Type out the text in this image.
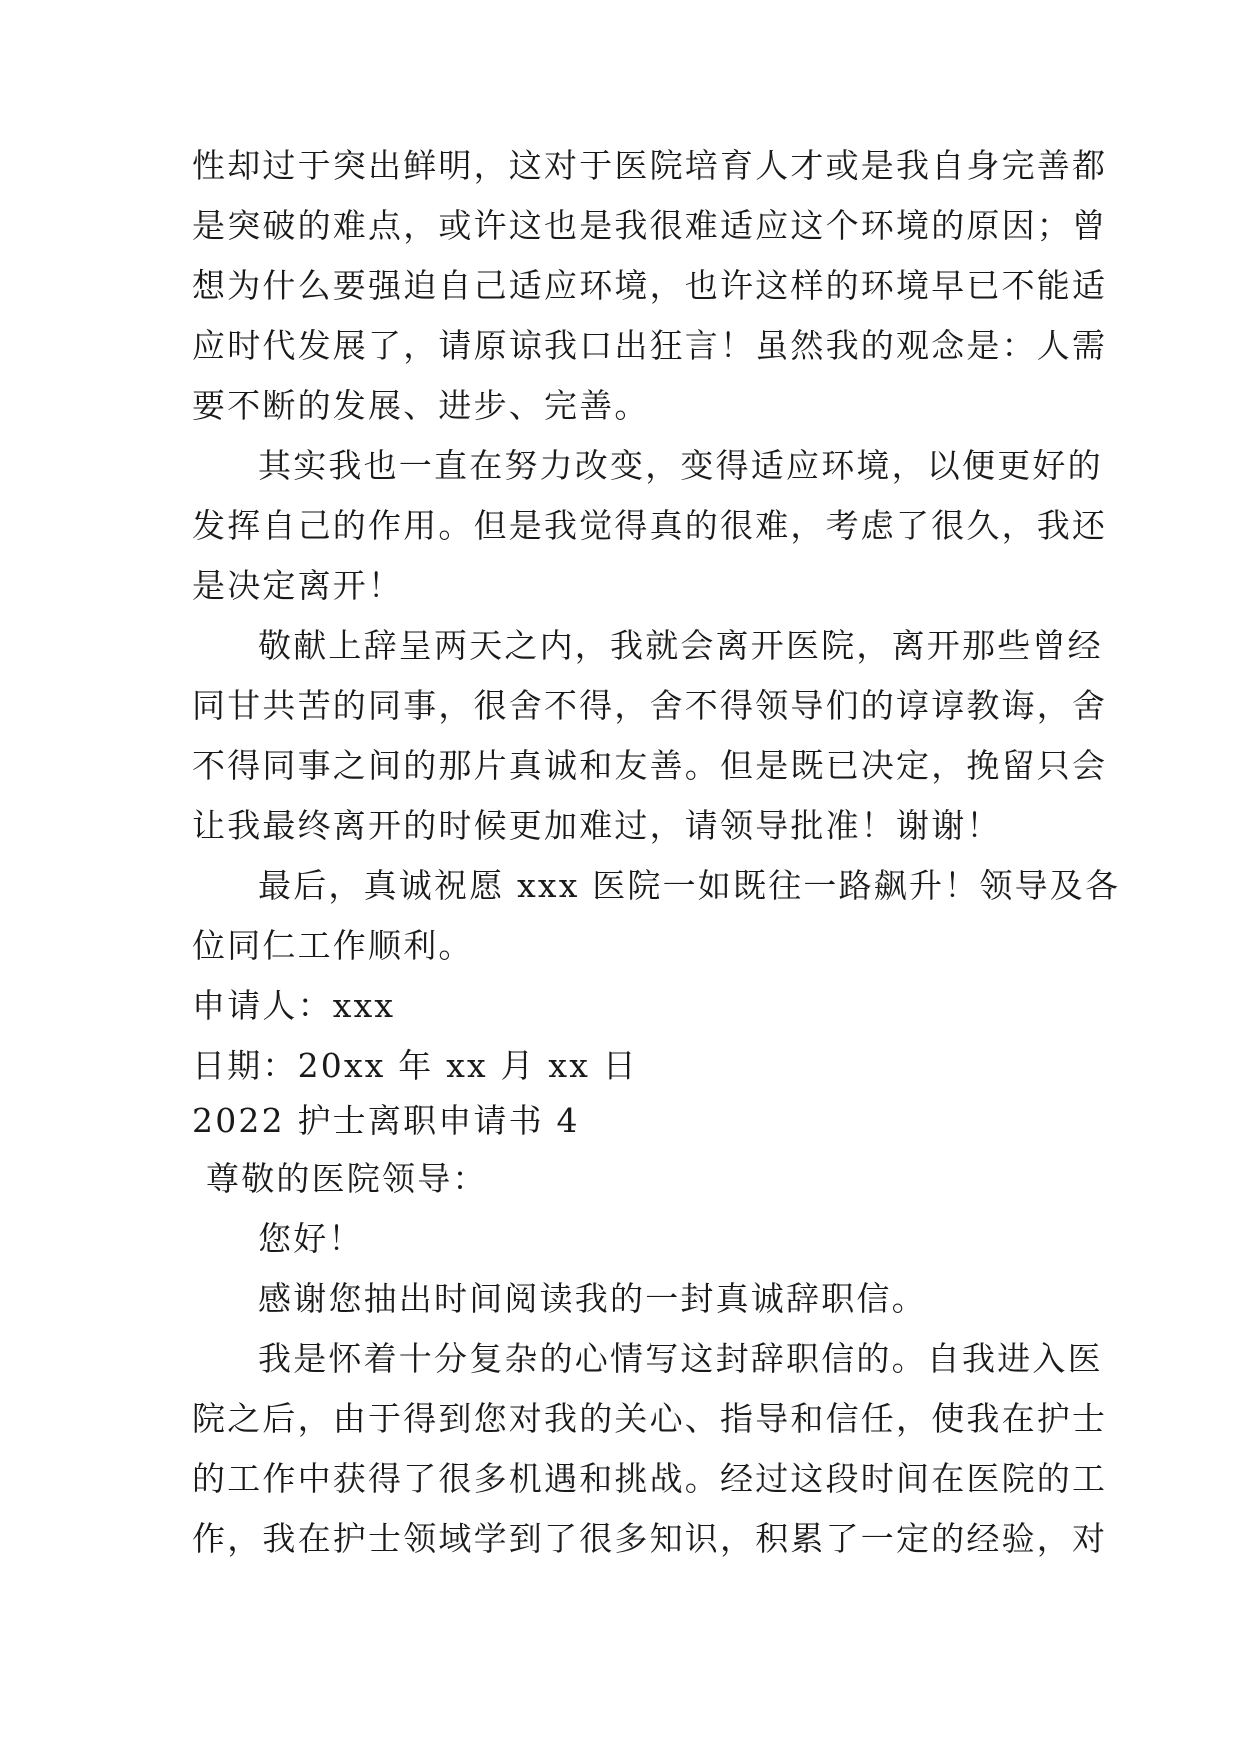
性却过于突出鲜明，这对于医院培育人才或是我自身完善都
是突破的难点，或许这也是我很难适应这个环境的原因；曾
想为什么要强迫自己适应环境，也许这样的环境早已不能适
应时代发展了，请原谅我口出狂言！虽然我的观念是：人需
要不断的发展、进步、完善。
其实我也一直在努力改变，变得适应环境，以便更好的
发挥自己的作用。但是我觉得真的很难，考虑了很久，我还
是决定离开！
敬献上辞呈两天之内，我就会离开医院，离开那些曾经
同甘共苦的同事，很舍不得，舍不得领导们的谆谆教诲，舍
不得同事之间的那片真诚和友善。但是既已决定，挽留只会
让我最终离开的时候更加难过，请领导批准！谢谢！
最后，真诚祝愿 xxx 医院一如既往一路飙升！领导及各
位同仁工作顺利。
申请人：xxx
日期：20xx 年 xx 月 xx 日
2022 护士离职申请书 4
尊敬的医院领导：
您好！
感谢您抽出时间阅读我的一封真诚辞职信。
我是怀着十分复杂的心情写这封辞职信的。自我进入医
院之后，由于得到您对我的关心、指导和信任，使我在护士
的工作中获得了很多机遇和挑战。经过这段时间在医院的工
作，我在护士领域学到了很多知识，积累了一定的经验，对
